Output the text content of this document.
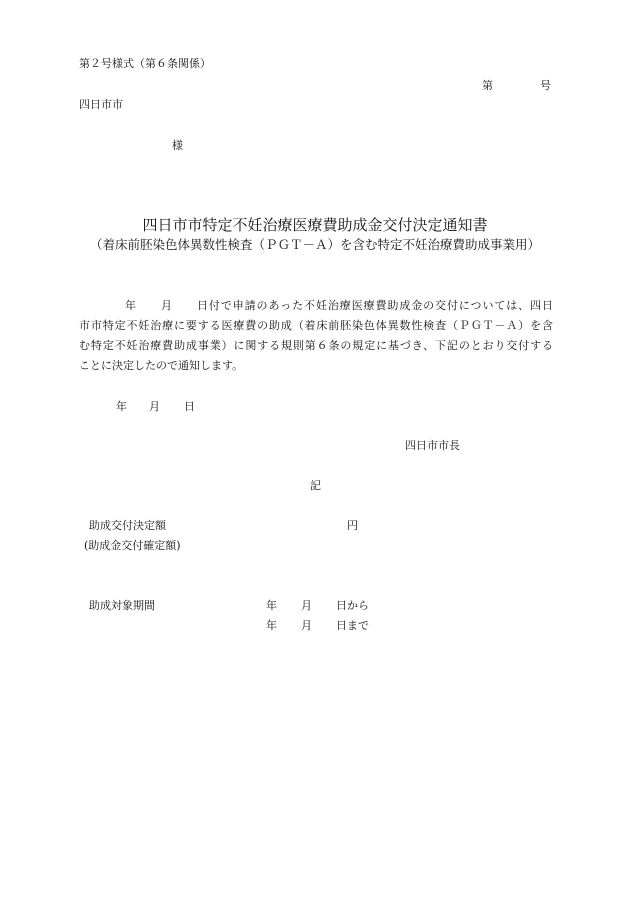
第２号様式（第６条関係）
第	号
四日市市
様
四日市市特定不妊治療医療費助成金交付決定通知書
（着床前胚染色体異数性検査（ＰＧＴ－Ａ）を含む特定不妊治療費助成事業用）
年 月 日付で申請のあった不妊治療医療費助成金の交付については、四日
市市特定不妊治療に要する医療費の助成（着床前胚染色体異数性検査（ＰＧＴ－Ａ）を含
む特定不妊治療費助成事業）に関する規則第６条の規定に基づき、下記のとおり交付する
ことに決定したので通知します。
年 月 日
四日市市長
記
助成交付決定額	円
(助成金交付確定額)
助成対象期間	年 月 日から
年 月 日まで
